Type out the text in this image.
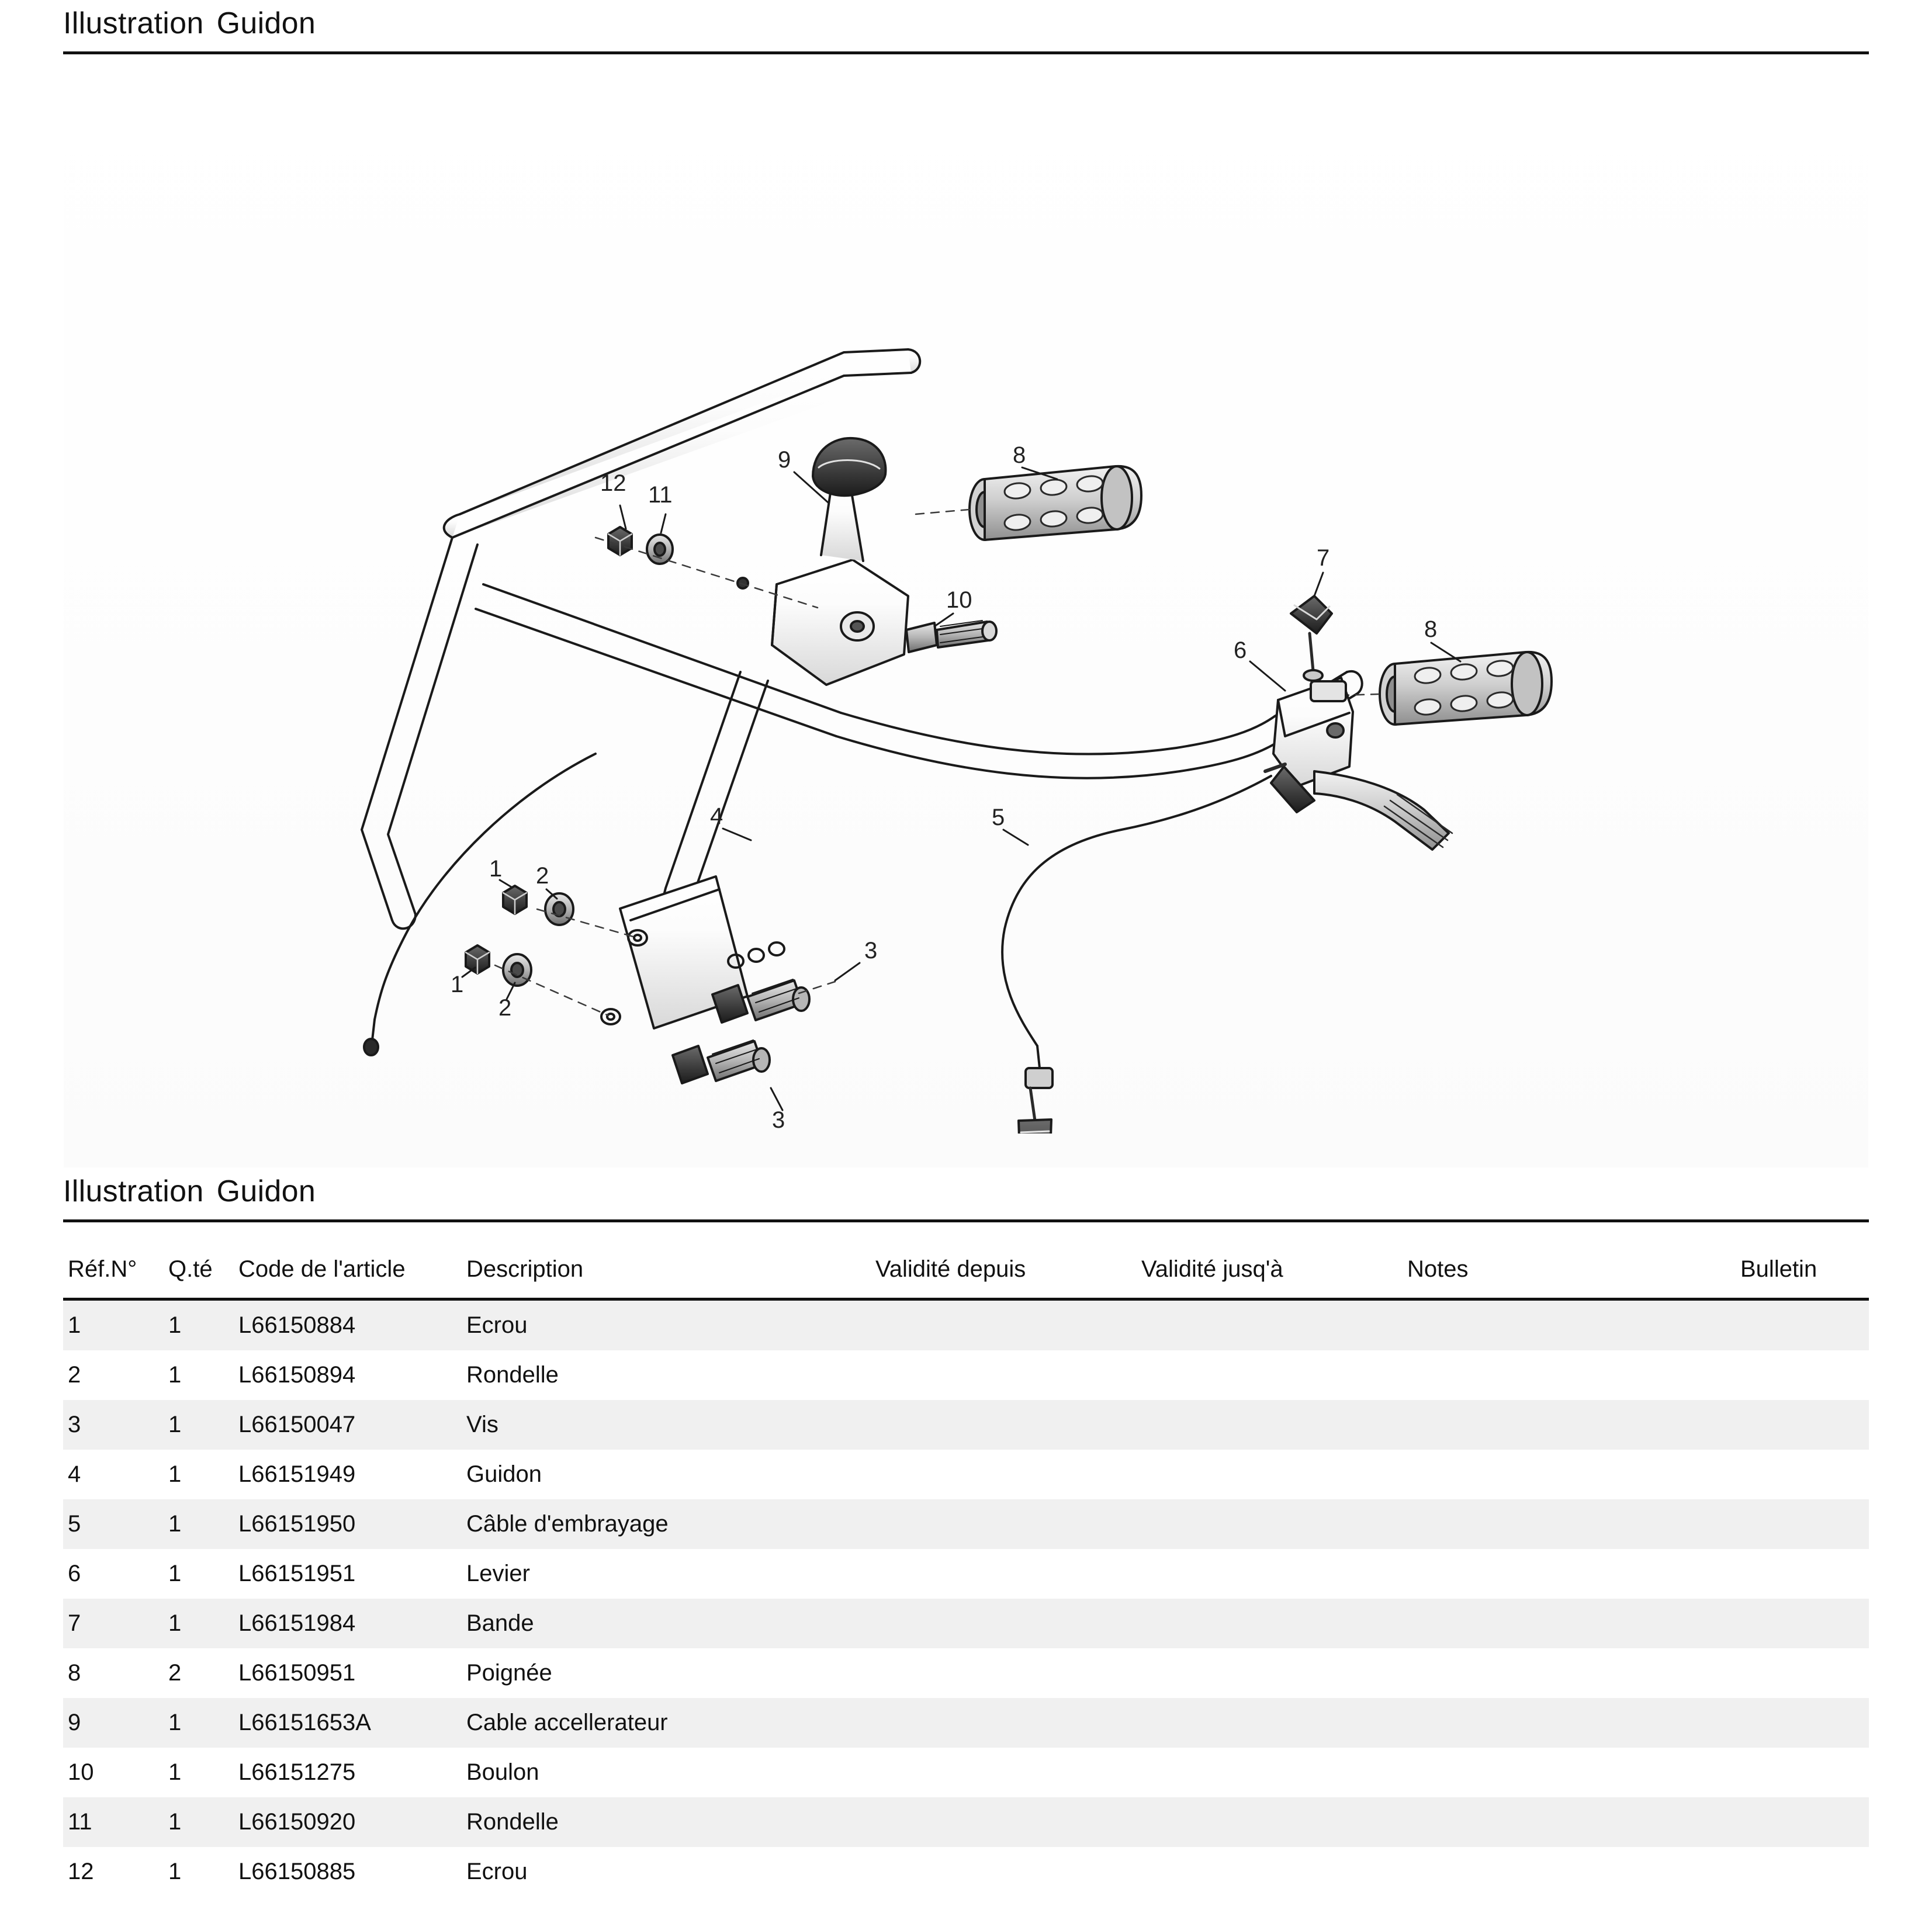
Illustration Guidon
12 11
9	8
10
7
6
8
4	5
1 2
1
2
3
3
Illustration Guidon
Réf.N°	Q.té	Code de l'article	Description	Validité depuis	Validité jusq'à	Notes	Bulletin
1	1	L66150884	Ecrou				
2	1	L66150894	Rondelle				
3	1	L66150047	Vis				
4	1	L66151949	Guidon				
5	1	L66151950	Câble d'embrayage				
6	1	L66151951	Levier				
7	1	L66151984	Bande				
8	2	L66150951	Poignée				
9	1	L66151653A	Cable accellerateur				
10	1	L66151275	Boulon				
11	1	L66150920	Rondelle				
12	1	L66150885	Ecrou				
